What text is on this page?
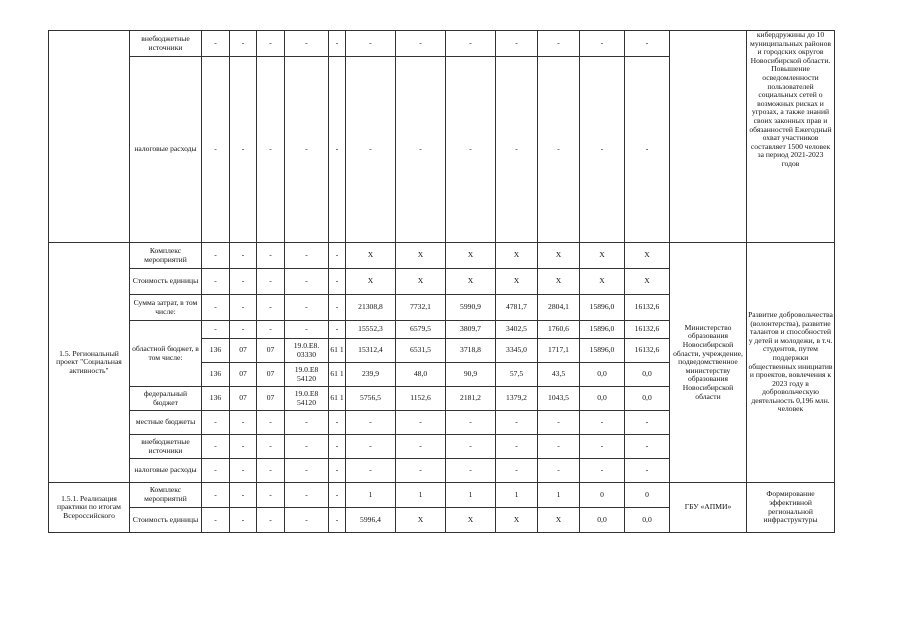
	внебюджетные источники	-	-	-	-	-	-	-	-	-	-	-	-		кибердружины до 10 муниципальных районов и городских округов Новосибирской области. Повышение осведомленности пользователей социальных сетей о возможных рисках и угрозах, а также знаний своих законных прав и обязанностей Ежегодный охват участников составляет 1500 человек за период 2021-2023 годов	
	налоговые расходы	-	-	-	-	-	-	-	-	-	-	-	-			
1.5. Региональный проект "Социальная активность"	Комплекс мероприятий	-	-	-	-	-	X	X	X	X	X	X	X	Министерство образования Новосибирской области, учреждение, подведомственное министерству образования Новосибирской области	Развитие добровольчества (волонтерства), развитие талантов и способностей у детей и молодежи, в т.ч. студентов, путем поддержки общественных инициатив и проектов, вовлечения к 2023 году в добровольческую деятельность 0,196 млн. человек	
	Стоимость единицы	-	-	-	-	-	X	X	X	X	X	X	X			
	Сумма затрат, в том числе:	-	-	-	-	-	21308,8	7732,1	5990,9	4781,7	2804,1	15896,0	16132,6			
	областной бюджет, в том числе:	-	-	-	-	-	15552,3	6579,5	3809,7	3402,5	1760,6	15896,0	16132,6			
		136	07	07	19.0.E8. 03330	61 1	15312,4	6531,5	3718,8	3345,0	1717,1	15896,0	16132,6			
		136	07	07	19.0.E8 54120	61 1	239,9	48,0	90,9	57,5	43,5	0,0	0,0			
	федеральный бюджет	136	07	07	19.0.E8 54120	61 1	5756,5	1152,6	2181,2	1379,2	1043,5	0,0	0,0			
	местные бюджеты	-	-	-	-	-	-	-	-	-	-	-	-			
	внебюджетные источники	-	-	-	-	-	-	-	-	-	-	-	-			
	налоговые расходы	-	-	-	-	-	-	-	-	-	-	-	-			
1.5.1. Реализация практики по итогам Всероссийского	Комплекс мероприятий	-	-	-	-	-	1	1	1	1	1	0	0	ГБУ «АПМИ»	Формирование эффективной региональной инфраструктуры	
	Стоимость единицы	-	-	-	-	-	5996,4	X	X	X	X	0,0	0,0			
